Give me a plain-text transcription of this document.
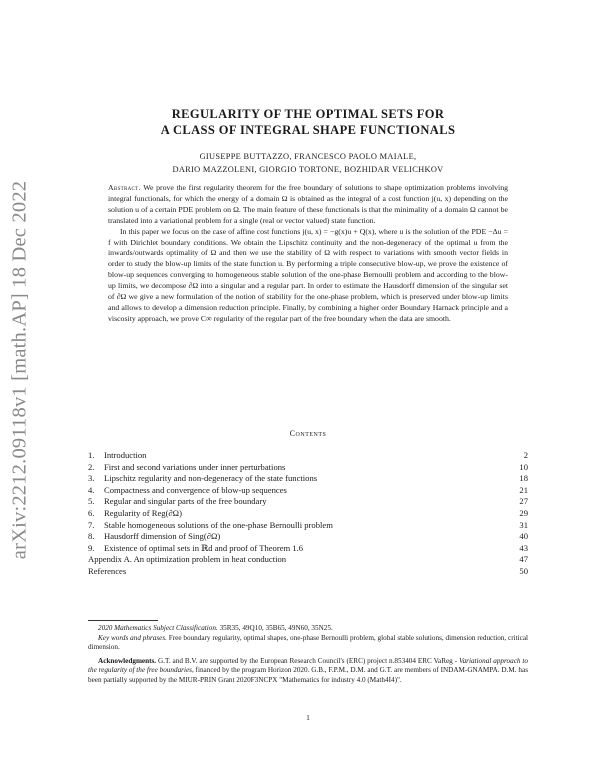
arXiv:2212.09118v1 [math.AP] 18 Dec 2022
REGULARITY OF THE OPTIMAL SETS FOR
A CLASS OF INTEGRAL SHAPE FUNCTIONALS
GIUSEPPE BUTTAZZO, FRANCESCO PAOLO MAIALE,
DARIO MAZZOLENI, GIORGIO TORTONE, BOZHIDAR VELICHKOV

Abstract. We prove the first regularity theorem for the free boundary of solutions to shape optimization problems involving integral functionals, for which the energy of a domain Ω is obtained as the integral of a cost function j(u, x) depending on the solution u of a certain PDE problem on Ω. The main feature of these functionals is that the minimality of a domain Ω cannot be translated into a variational problem for a single (real or vector valued) state function.

In this paper we focus on the case of affine cost functions j(u, x) = −g(x)u + Q(x), where u is the solution of the PDE −Δu = f with Dirichlet boundary conditions. We obtain the Lipschitz continuity and the non-degeneracy of the optimal u from the inwards/outwards optimality of Ω and then we use the stability of Ω with respect to variations with smooth vector fields in order to study the blow-up limits of the state function u. By performing a triple consecutive blow-up, we prove the existence of blow-up sequences converging to homogeneous stable solution of the one-phase Bernoulli problem and according to the blow-up limits, we decompose ∂Ω into a singular and a regular part. In order to estimate the Hausdorff dimension of the singular set of ∂Ω we give a new formulation of the notion of stability for the one-phase problem, which is preserved under blow-up limits and allows to develop a dimension reduction principle. Finally, by combining a higher order Boundary Harnack principle and a viscosity approach, we prove C∞ regularity of the regular part of the free boundary when the data are smooth.

Contents
1. Introduction	2
2. First and second variations under inner perturbations	10
3. Lipschitz regularity and non-degeneracy of the state functions	18
4. Compactness and convergence of blow-up sequences	21
5. Regular and singular parts of the free boundary	27
6. Regularity of Reg(∂Ω)	29
7. Stable homogeneous solutions of the one-phase Bernoulli problem	31
8. Hausdorff dimension of Sing(∂Ω)	40
9. Existence of optimal sets in ℝd and proof of Theorem 1.6	43
Appendix A. An optimization problem in heat conduction	47
References	50

2020 Mathematics Subject Classification. 35R35, 49Q10, 35B65, 49N60, 35N25.

Key words and phrases. Free boundary regularity, optimal shapes, one-phase Bernoulli problem, global stable solutions, dimension reduction, critical dimension.

Acknowledgments. G.T. and B.V. are supported by the European Research Council's (ERC) project n.853404 ERC VaReg - Variational approach to the regularity of the free boundaries, financed by the program Horizon 2020. G.B., F.P.M., D.M. and G.T. are members of INDAM-GNAMPA. D.M. has been partially supported by the MIUR-PRIN Grant 2020F3NCPX "Mathematics for industry 4.0 (Math4I4)".

1
